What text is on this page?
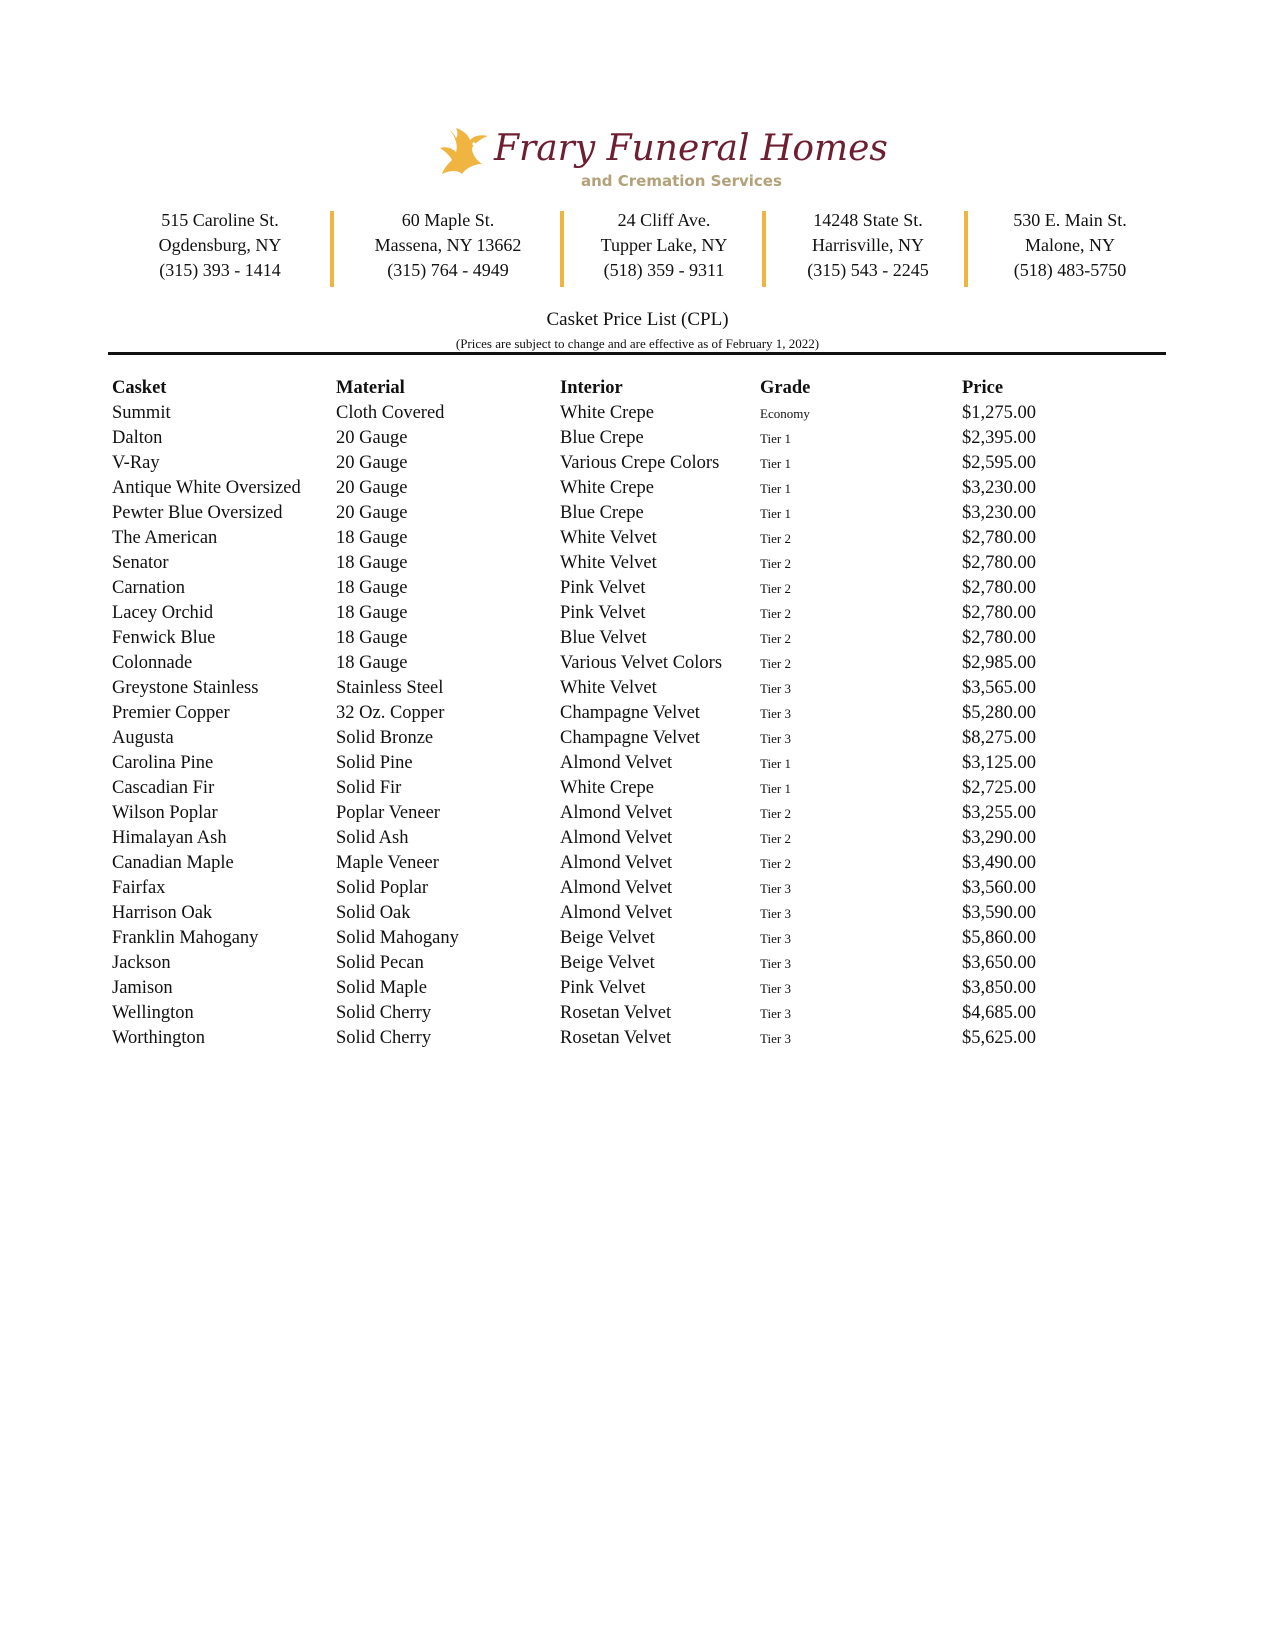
Frary Funeral Homes
and Cremation Services
515 Caroline St.
Ogdensburg, NY
(315) 393 - 1414
60 Maple St.
Massena, NY 13662
(315) 764 - 4949
24 Cliff Ave.
Tupper Lake, NY
(518) 359 - 9311
14248 State St.
Harrisville, NY
(315) 543 - 2245
530 E. Main St.
Malone, NY
(518) 483-5750
Casket Price List (CPL)
(Prices are subject to change and are effective as of February 1, 2022)
Casket	Material	Interior	Grade	Price
Summit	Cloth Covered	White Crepe	Economy	$1,275.00
Dalton	20 Gauge	Blue Crepe	Tier 1	$2,395.00
V-Ray	20 Gauge	Various Crepe Colors	Tier 1	$2,595.00
Antique White Oversized	20 Gauge	White Crepe	Tier 1	$3,230.00
Pewter Blue Oversized	20 Gauge	Blue Crepe	Tier 1	$3,230.00
The American	18 Gauge	White Velvet	Tier 2	$2,780.00
Senator	18 Gauge	White Velvet	Tier 2	$2,780.00
Carnation	18 Gauge	Pink Velvet	Tier 2	$2,780.00
Lacey Orchid	18 Gauge	Pink Velvet	Tier 2	$2,780.00
Fenwick Blue	18 Gauge	Blue Velvet	Tier 2	$2,780.00
Colonnade	18 Gauge	Various Velvet Colors	Tier 2	$2,985.00
Greystone Stainless	Stainless Steel	White Velvet	Tier 3	$3,565.00
Premier Copper	32 Oz. Copper	Champagne Velvet	Tier 3	$5,280.00
Augusta	Solid Bronze	Champagne Velvet	Tier 3	$8,275.00
Carolina Pine	Solid Pine	Almond Velvet	Tier 1	$3,125.00
Cascadian Fir	Solid Fir	White Crepe	Tier 1	$2,725.00
Wilson Poplar	Poplar Veneer	Almond Velvet	Tier 2	$3,255.00
Himalayan Ash	Solid Ash	Almond Velvet	Tier 2	$3,290.00
Canadian Maple	Maple Veneer	Almond Velvet	Tier 2	$3,490.00
Fairfax	Solid Poplar	Almond Velvet	Tier 3	$3,560.00
Harrison Oak	Solid Oak	Almond Velvet	Tier 3	$3,590.00
Franklin Mahogany	Solid Mahogany	Beige Velvet	Tier 3	$5,860.00
Jackson	Solid Pecan	Beige Velvet	Tier 3	$3,650.00
Jamison	Solid Maple	Pink Velvet	Tier 3	$3,850.00
Wellington	Solid Cherry	Rosetan Velvet	Tier 3	$4,685.00
Worthington	Solid Cherry	Rosetan Velvet	Tier 3	$5,625.00
